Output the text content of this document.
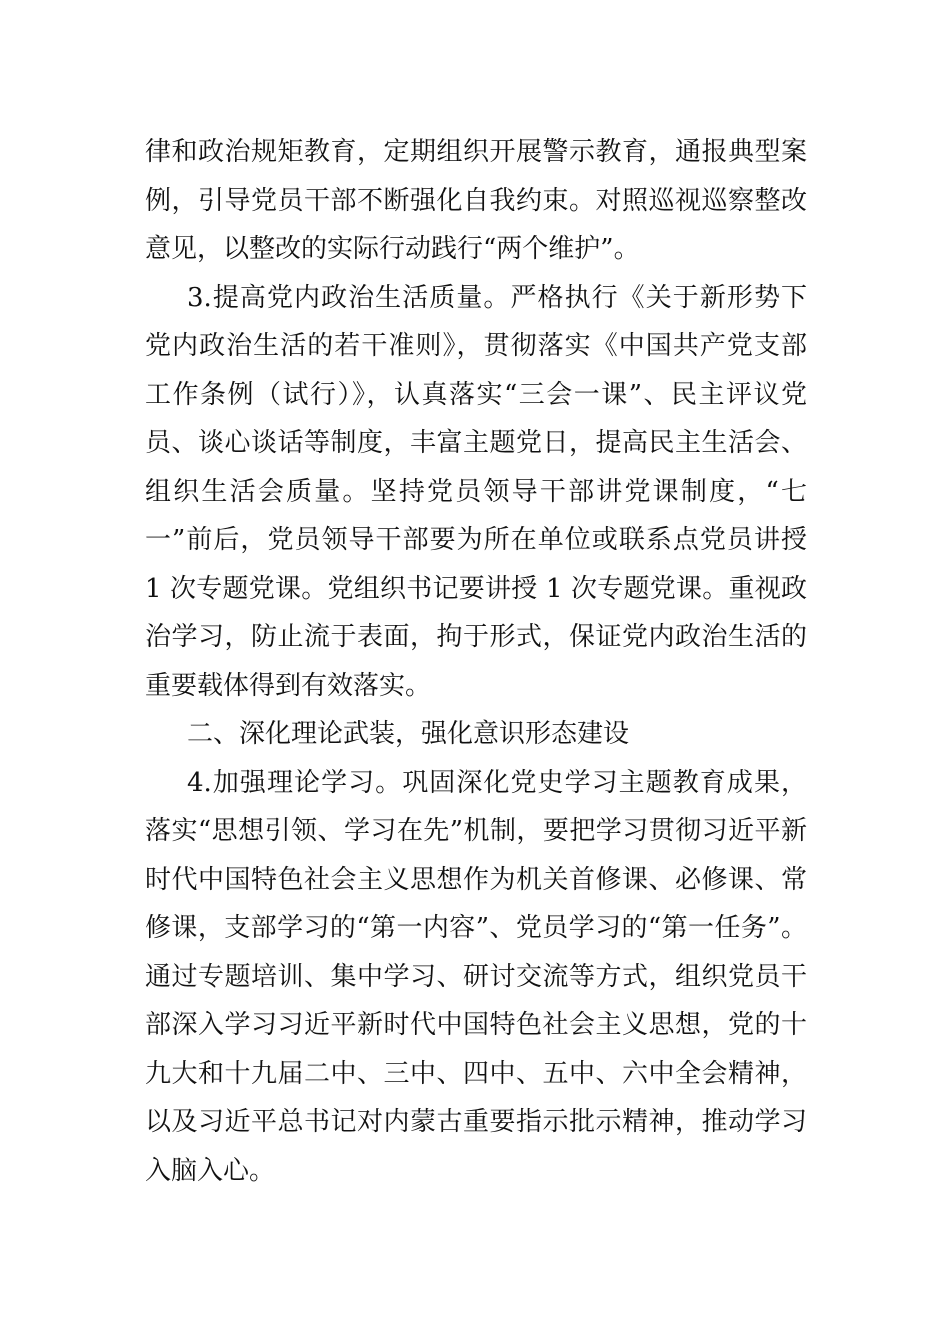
律和政治规矩教育，定期组织开展警示教育，通报典型案例，引导党员干部不断强化自我约束。对照巡视巡察整改意见，以整改的实际行动践行“两个维护”。

3.提高党内政治生活质量。严格执行《关于新形势下党内政治生活的若干准则》，贯彻落实《中国共产党支部工作条例（试行）》，认真落实“三会一课”、民主评议党员、谈心谈话等制度，丰富主题党日，提高民主生活会、组织生活会质量。坚持党员领导干部讲党课制度，“七一”前后，党员领导干部要为所在单位或联系点党员讲授 1 次专题党课。党组织书记要讲授 1 次专题党课。重视政治学习，防止流于表面，拘于形式，保证党内政治生活的重要载体得到有效落实。

二、深化理论武装，强化意识形态建设

4.加强理论学习。巩固深化党史学习主题教育成果，落实“思想引领、学习在先”机制，要把学习贯彻习近平新时代中国特色社会主义思想作为机关首修课、必修课、常修课，支部学习的“第一内容”、党员学习的“第一任务”。通过专题培训、集中学习、研讨交流等方式，组织党员干部深入学习习近平新时代中国特色社会主义思想，党的十九大和十九届二中、三中、四中、五中、六中全会精神，以及习近平总书记对内蒙古重要指示批示精神，推动学习入脑入心。
